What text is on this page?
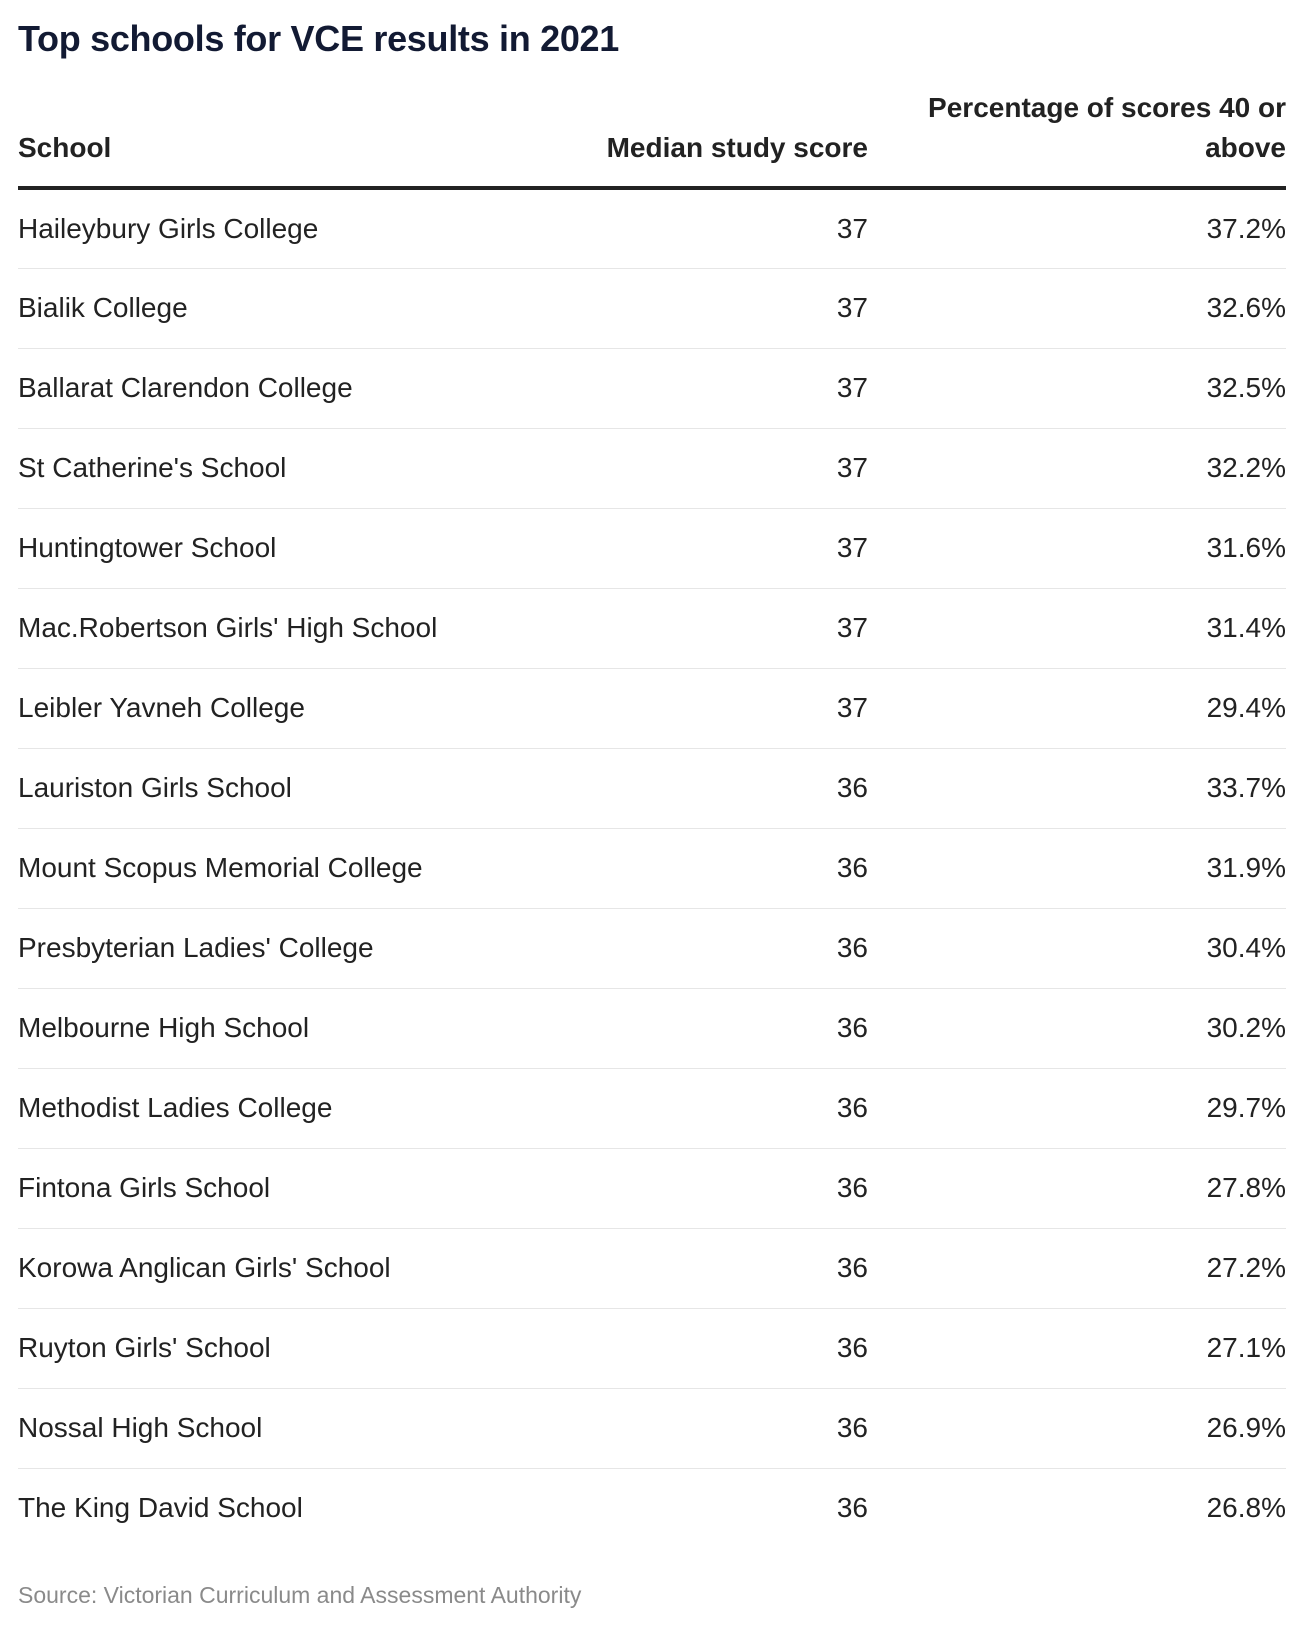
Top schools for VCE results in 2021
School	Median study score	Percentage of scores 40 or above
Haileybury Girls College	37	37.2%
Bialik College	37	32.6%
Ballarat Clarendon College	37	32.5%
St Catherine's School	37	32.2%
Huntingtower School	37	31.6%
Mac.Robertson Girls' High School	37	31.4%
Leibler Yavneh College	37	29.4%
Lauriston Girls School	36	33.7%
Mount Scopus Memorial College	36	31.9%
Presbyterian Ladies' College	36	30.4%
Melbourne High School	36	30.2%
Methodist Ladies College	36	29.7%
Fintona Girls School	36	27.8%
Korowa Anglican Girls' School	36	27.2%
Ruyton Girls' School	36	27.1%
Nossal High School	36	26.9%
The King David School	36	26.8%
Source: Victorian Curriculum and Assessment Authority
